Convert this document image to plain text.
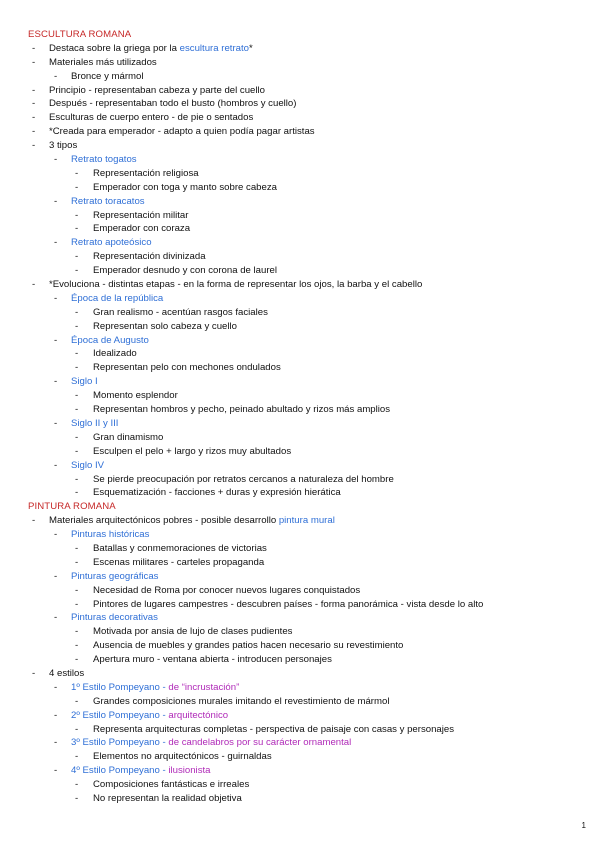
ESCULTURA ROMANA
- Destaca sobre la griega por la escultura retrato*
- Materiales más utilizados
- Bronce y mármol
- Principio - representaban cabeza y parte del cuello
- Después - representaban todo el busto (hombros y cuello)
- Esculturas de cuerpo entero - de pie o sentados
- *Creada para emperador - adapto a quien podía pagar artistas
- 3 tipos
- Retrato togatos
- Representación religiosa
- Emperador con toga y manto sobre cabeza
- Retrato toracatos
- Representación militar
- Emperador con coraza
- Retrato apoteósico
- Representación divinizada
- Emperador desnudo y con corona de laurel
- *Evoluciona - distintas etapas - en la forma de representar los ojos, la barba y el cabello
- Época de la república
- Gran realismo - acentúan rasgos faciales
- Representan solo cabeza y cuello
- Época de Augusto
- Idealizado
- Representan pelo con mechones ondulados
- Siglo I
- Momento esplendor
- Representan hombros y pecho, peinado abultado y rizos más amplios
- Siglo II y III
- Gran dinamismo
- Esculpen el pelo + largo y rizos muy abultados
- Siglo IV
- Se pierde preocupación por retratos cercanos a naturaleza del hombre
- Esquematización - facciones + duras y expresión hierática
PINTURA ROMANA
- Materiales arquitectónicos pobres - posible desarrollo pintura mural
- Pinturas históricas
- Batallas y conmemoraciones de victorias
- Escenas militares - carteles propaganda
- Pinturas geográficas
- Necesidad de Roma por conocer nuevos lugares conquistados
- Pintores de lugares campestres - descubren países - forma panorámica - vista desde lo alto
- Pinturas decorativas
- Motivada por ansia de lujo de clases pudientes
- Ausencia de muebles y grandes patios hacen necesario su revestimiento
- Apertura muro - ventana abierta - introducen personajes
- 4 estilos
- 1º Estilo Pompeyano - de “incrustación”
- Grandes composiciones murales imitando el revestimiento de mármol
- 2º Estilo Pompeyano - arquitectónico
- Representa arquitecturas completas - perspectiva de paisaje con casas y personajes
- 3º Estilo Pompeyano - de candelabros por su carácter ornamental
- Elementos no arquitectónicos - guirnaldas
- 4º Estilo Pompeyano - ilusionista
- Composiciones fantásticas e irreales
- No representan la realidad objetiva
1
